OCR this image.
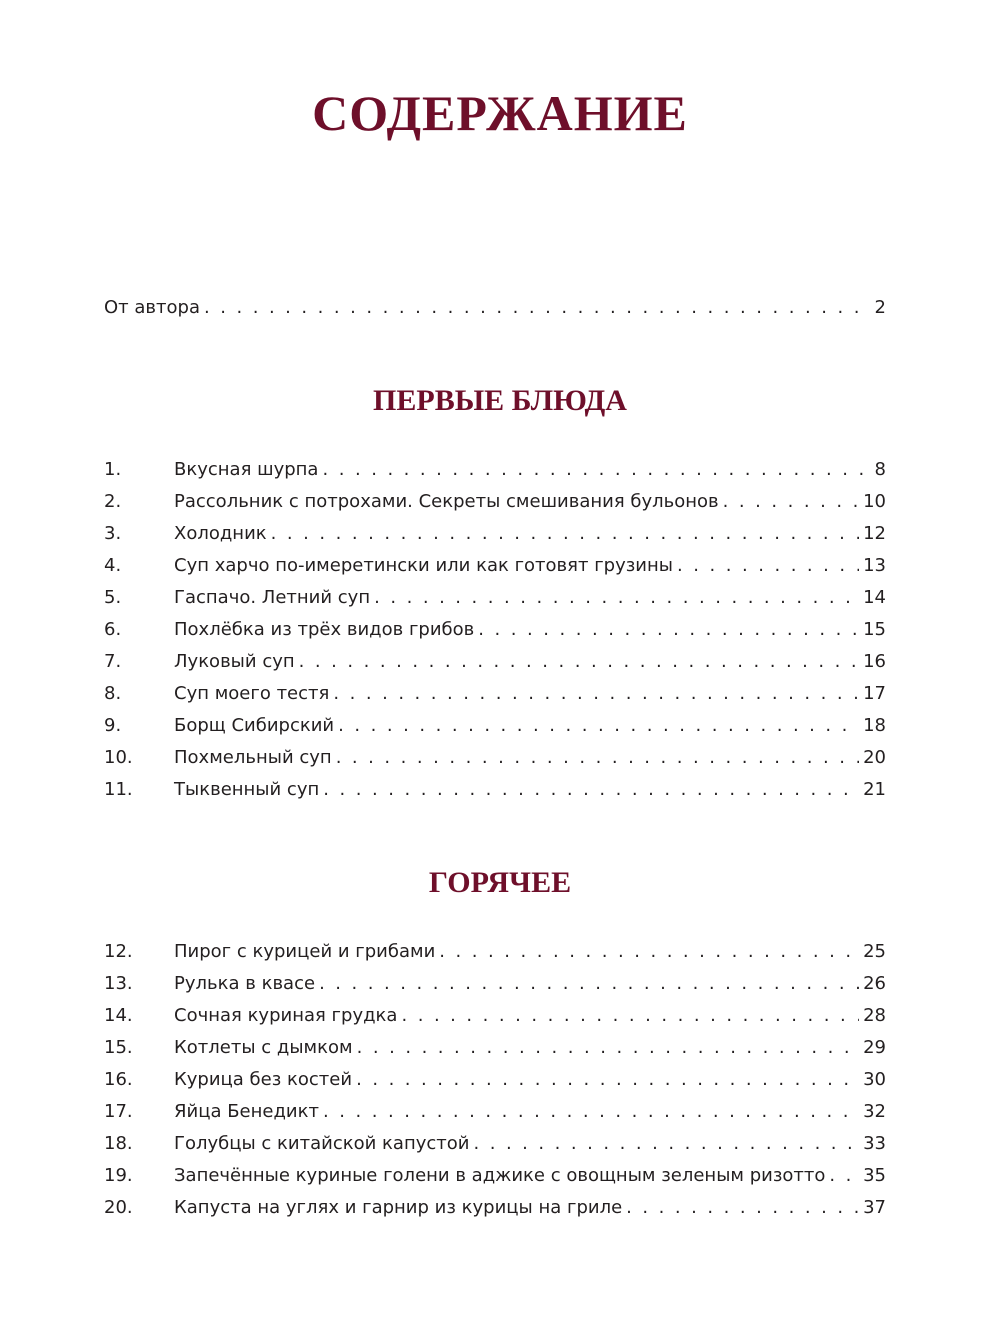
СОДЕРЖАНИЕ
От автора . . .	2
ПЕРВЫЕ БЛЮДА
1.	Вкусная шурпа . . .	8
2.	Рассольник с потрохами. Секреты смешивания бульонов . . .	10
3.	Холодник . . .	12
4.	Суп харчо по-имеретински или как готовят грузины . . .	13
5.	Гаспачо. Летний суп . . .	14
6.	Похлёбка из трёх видов грибов . . .	15
7.	Луковый суп . . .	16
8.	Суп моего тестя . . .	17
9.	Борщ Сибирский . . .	18
10.	Похмельный суп . . .	20
11.	Тыквенный суп . . .	21
ГОРЯЧЕЕ
12.	Пирог с курицей и грибами . . .	25
13.	Рулька в квасе . . .	26
14.	Сочная куриная грудка . . .	28
15.	Котлеты с дымком . . .	29
16.	Курица без костей . . .	30
17.	Яйца Бенедикт . . .	32
18.	Голубцы с китайской капустой . . .	33
19.	Запечённые куриные голени в аджике с овощным зеленым ризотто . . . 35
20.	Капуста на углях и гарнир из курицы на гриле . . .	37
